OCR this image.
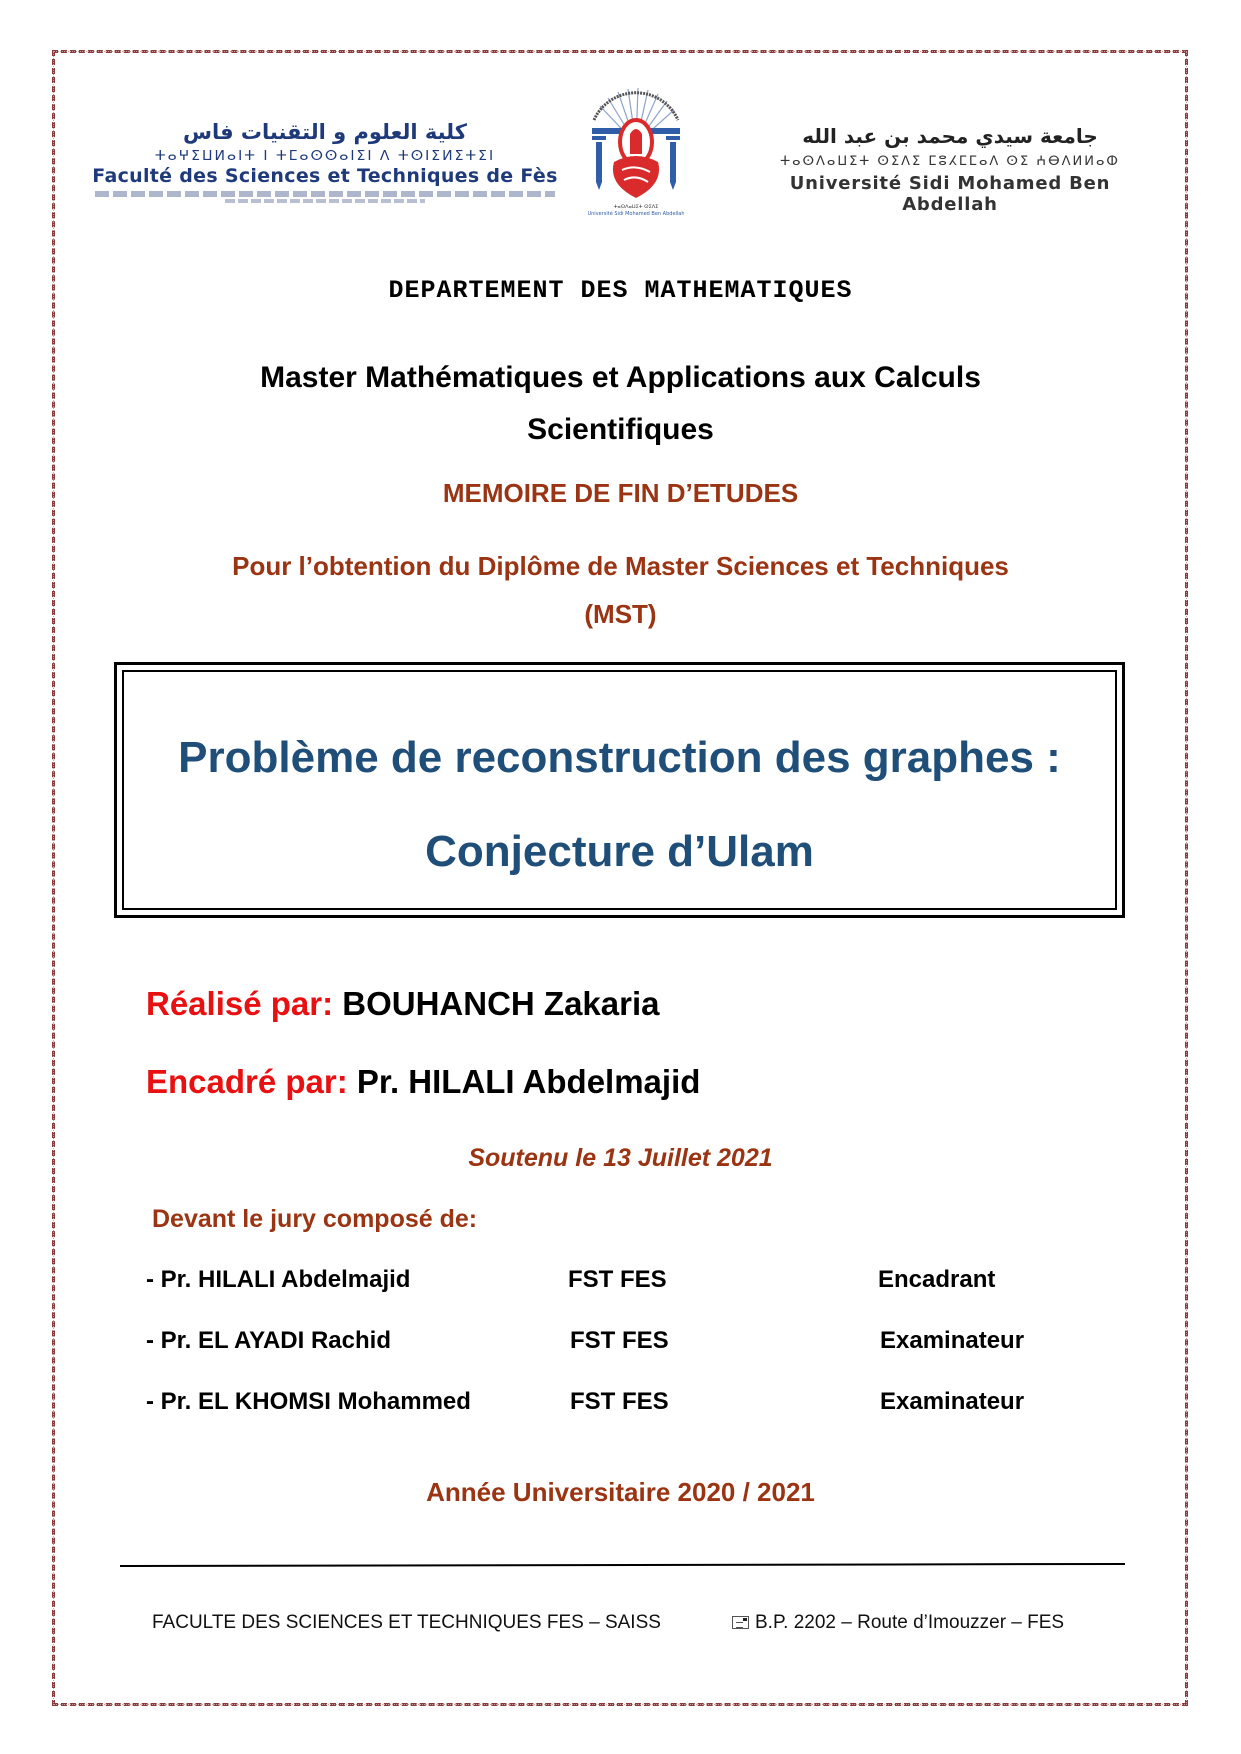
كلية العلوم و التقنيات فاس
ⵜⴰⵖⵉⵡⵍⴰⵏⵜ ⵏ ⵜⵎⴰⵙⵙⴰⵏⵉⵏ ⴷ ⵜⵙⵏⵉⵍⵉⵜⵉⵏ
Faculté des Sciences et Techniques de Fès
ⵜⴰⵙⴷⴰⵡⵉⵜ ⵙⵉⴷⵉ
Université Sidi Mohamed Ben Abdellah
جامعة سيدي محمد بن عبد الله
ⵜⴰⵙⴷⴰⵡⵉⵜ ⵙⵉⴷⵉ ⵎⵓⵃⵎⵎⴰⴷ ⵙⵉ ⵄⴱⴷⵍⵍⴰⵀ
Université Sidi Mohamed Ben Abdellah
DEPARTEMENT DES MATHEMATIQUES
Master Mathématiques et Applications aux Calculs
Scientifiques
MEMOIRE DE FIN D’ETUDES
Pour l’obtention du Diplôme de Master Sciences et Techniques
(MST)
Problème de reconstruction des graphes :
Conjecture d’Ulam
Réalisé par: BOUHANCH Zakaria
Encadré par: Pr. HILALI Abdelmajid
Soutenu le 13 Juillet 2021
Devant le jury composé de:
- Pr. HILALI Abdelmajid	FST FES	Encadrant
- Pr. EL AYADI Rachid	FST FES	Examinateur
- Pr. EL KHOMSI Mohammed	FST FES	Examinateur
Année Universitaire 2020 / 2021
FACULTE DES SCIENCES ET TECHNIQUES FES – SAISS	B.P. 2202 – Route d’Imouzzer – FES
